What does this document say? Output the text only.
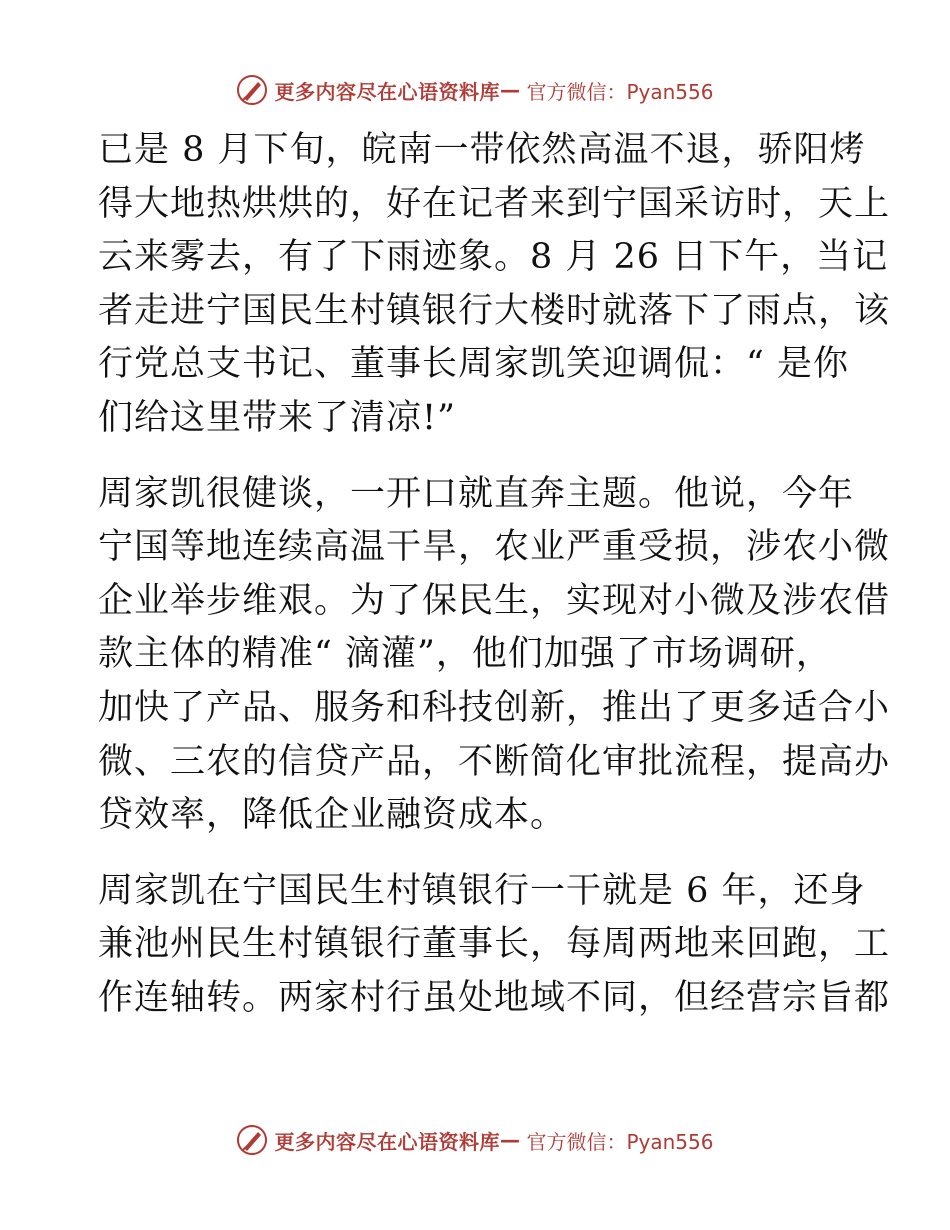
更多内容尽在心语资料库 — 官方微信：Pyan556
已是 8 月下旬，皖南一带依然高温不退，骄阳烤
得大地热烘烘的，好在记者来到宁国采访时，天上
云来雾去，有了下雨迹象。8 月 26 日下午，当记
者走进宁国民生村镇银行大楼时就落下了雨点，该
行党总支书记、董事长周家凯笑迎调侃：“ 是你
们给这里带来了清凉!”
周家凯很健谈，一开口就直奔主题。他说，今年
宁国等地连续高温干旱，农业严重受损，涉农小微
企业举步维艰。为了保民生，实现对小微及涉农借
款主体的精准“ 滴灌”，他们加强了市场调研，
加快了产品、服务和科技创新，推出了更多适合小
微、三农的信贷产品，不断简化审批流程，提高办
贷效率，降低企业融资成本。
周家凯在宁国民生村镇银行一干就是 6 年，还身
兼池州民生村镇银行董事长，每周两地来回跑，工
作连轴转。两家村行虽处地域不同，但经营宗旨都
更多内容尽在心语资料库 — 官方微信：Pyan556
